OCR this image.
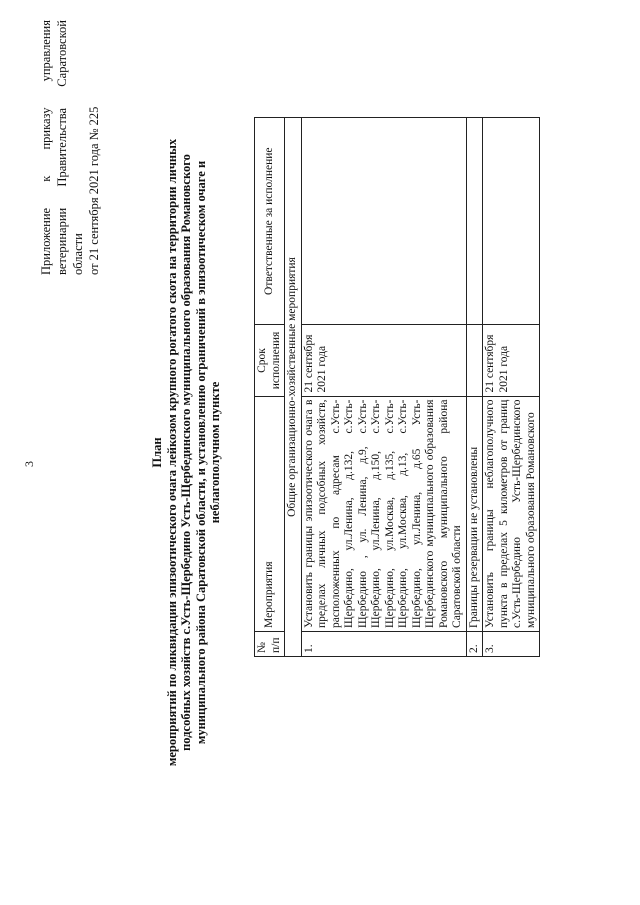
3
Приложение
к
приказу
управления
ветеринарии
Правительства
Саратовской
области от 21 сентября 2021 года № 225
План мероприятий по ликвидации эпизоотического очага лейкозом крупного рогатого скота на территории личных подсобных хозяйств с.Усть-Щербедино Усть-Щербединского муниципального образования Романовского муниципального района Саратовской области, и установлению ограничений в эпизоотическом очаге и неблагополучном пункте
№ п/п	Мероприятия	Срок исполнения	Ответственные за исполнение
Общие организационно-хозяйственные мероприятия			
1.	Установить границы эпизоотического очага в пределах личных подсобных хозяйств, расположенных по адресам с.Усть-Щербедино, ул.Ленина, д.132, с.Усть-Щербедино , ул. Ленина, д.9, с.Усть-Щербедино, ул.Ленина, д.150, с.Усть-Щербедино, ул.Москва, д.135, с.Усть-Щербедино, ул.Москва, д.13, с.Усть-Щербедино, ул.Ленина, д.65 Усть-Щербединского муниципального образования Романовского муниципального района Саратовской области	21 сентября 2021 года	
2.	Границы резервации не установлены		
3.	Установить границы неблагополучного пункта в пределах 5 километров от границ с.Усть-Щербедино Усть-Щербединского муниципального образования Романовского	21 сентября 2021 года	
